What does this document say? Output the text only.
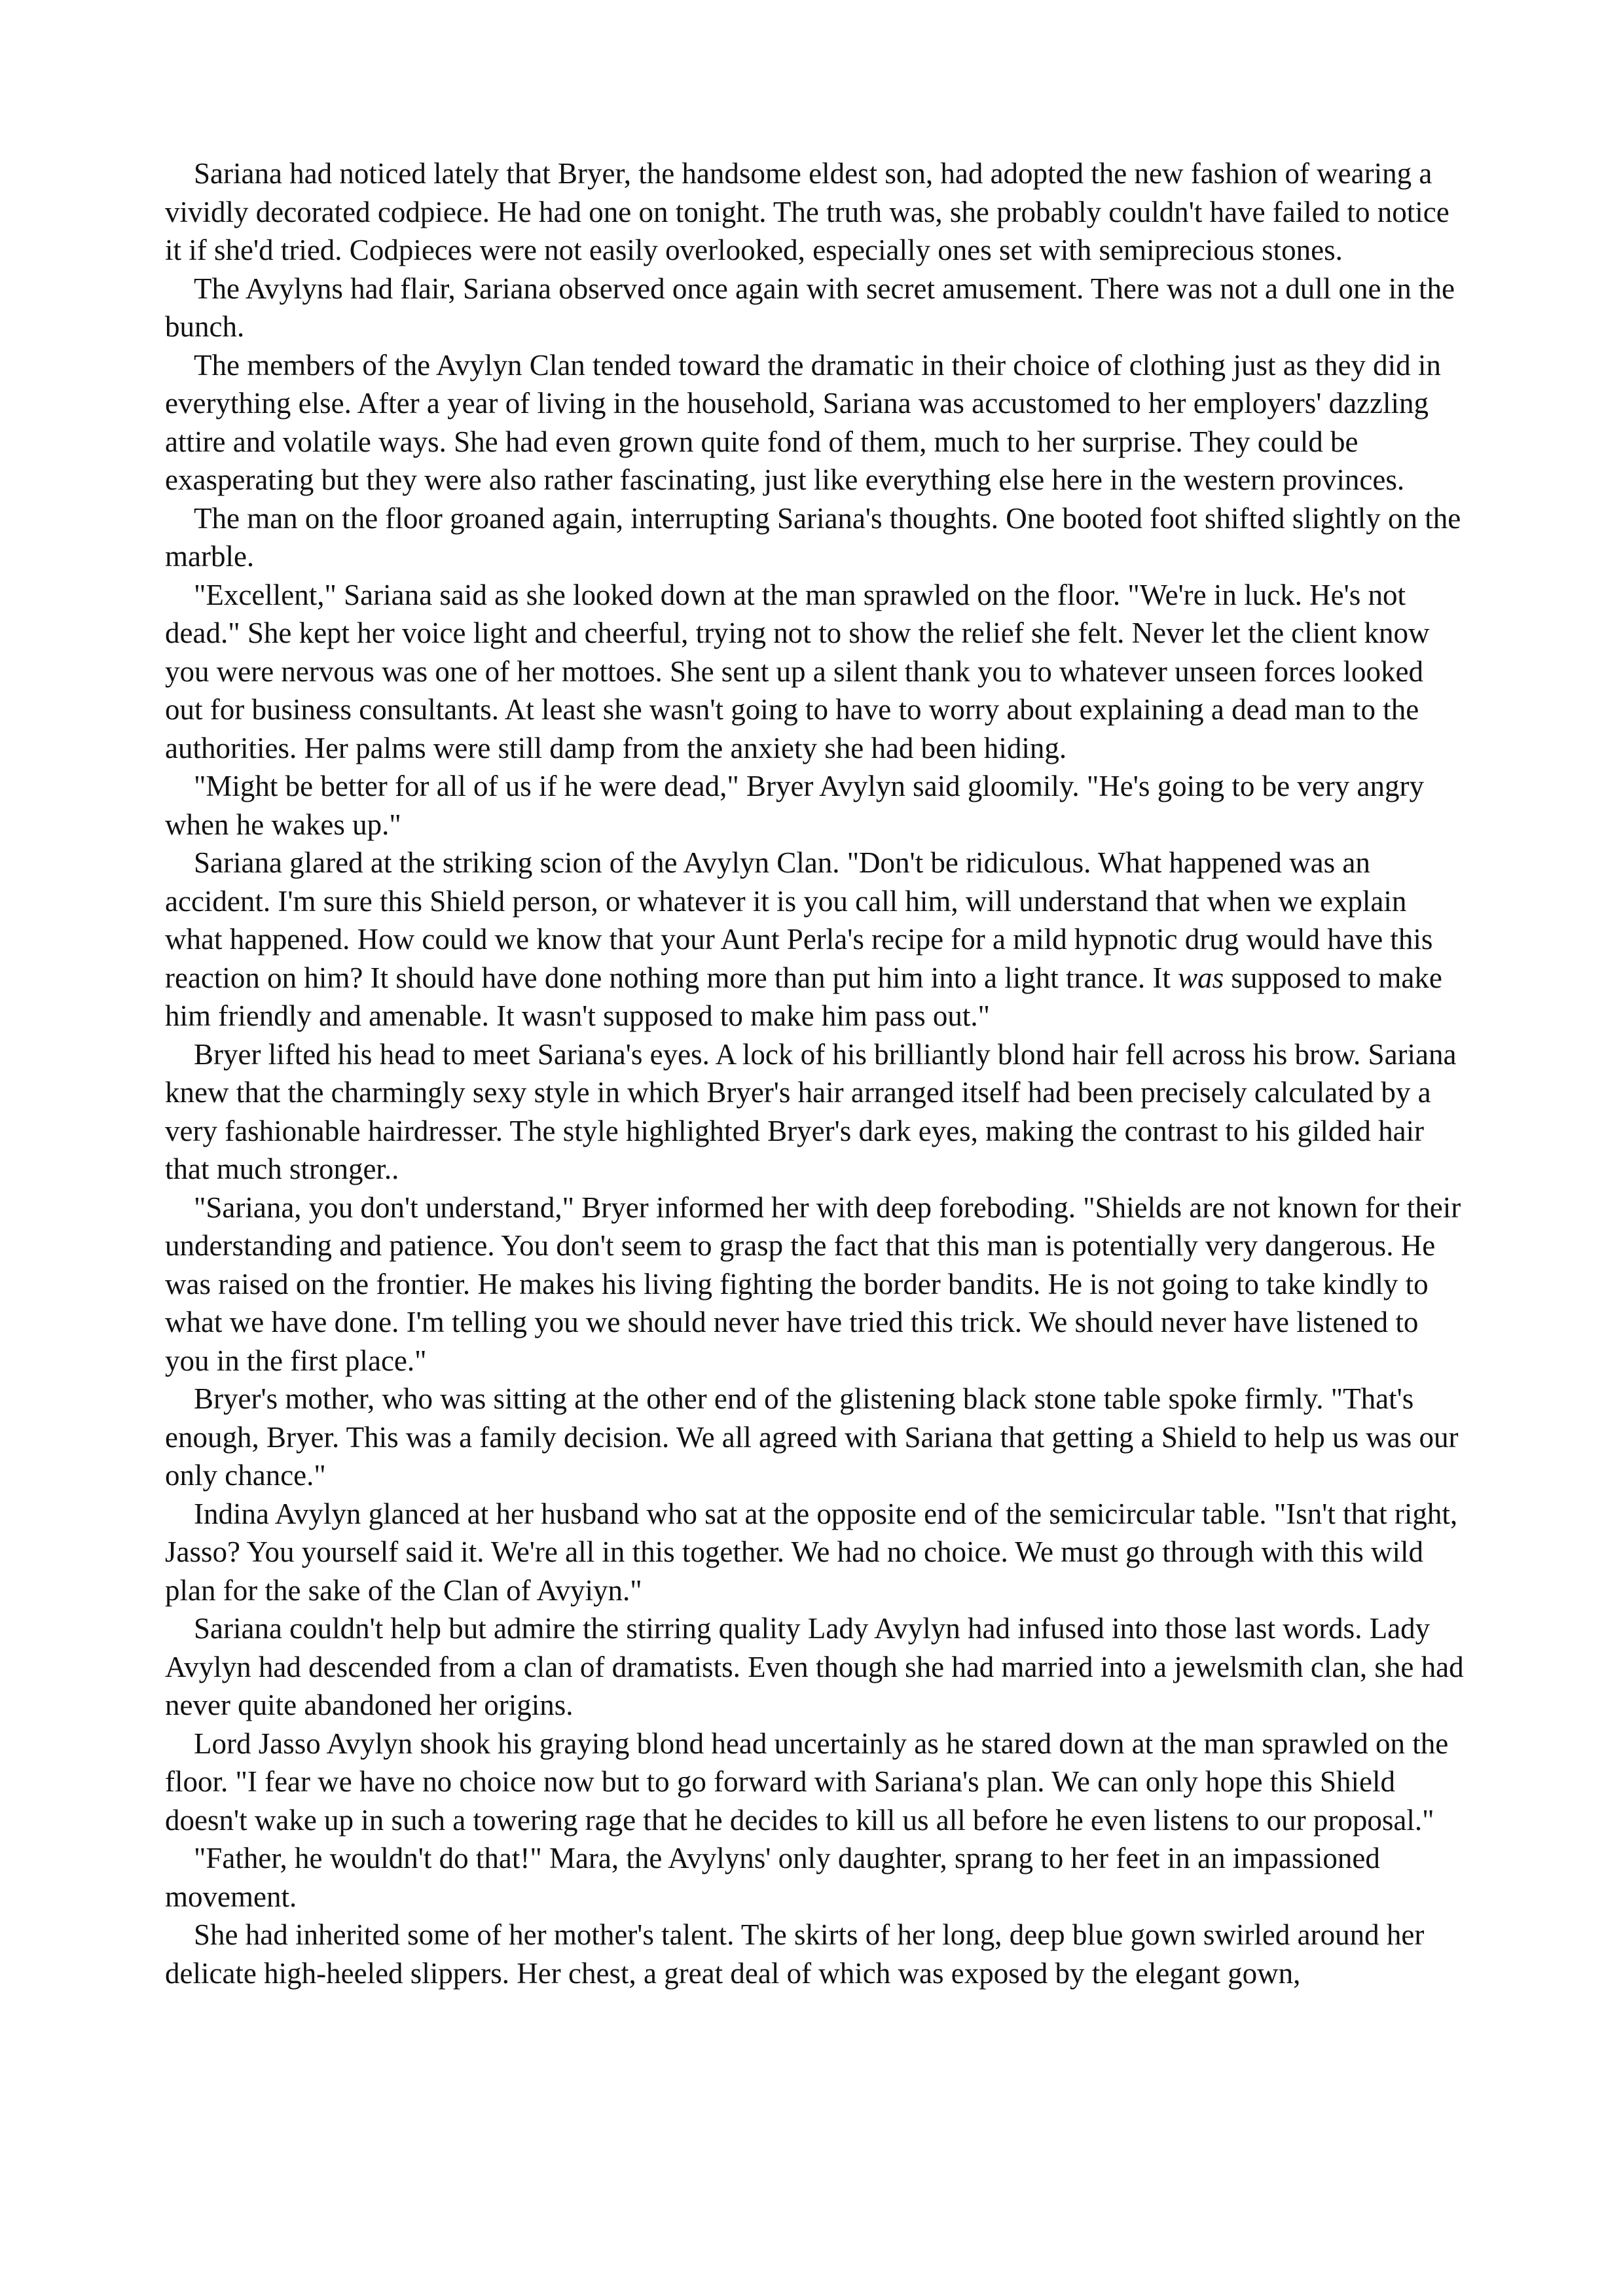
Sariana had noticed lately that Bryer, the handsome eldest son, had adopted the new fashion of wearing a vividly decorated codpiece. He had one on tonight. The truth was, she probably couldn't have failed to notice it if she'd tried. Codpieces were not easily overlooked, especially ones set with semiprecious stones.

The Avylyns had flair, Sariana observed once again with secret amusement. There was not a dull one in the bunch.

The members of the Avylyn Clan tended toward the dramatic in their choice of clothing just as they did in everything else. After a year of living in the household, Sariana was accustomed to her employers' dazzling attire and volatile ways. She had even grown quite fond of them, much to her surprise. They could be exasperating but they were also rather fascinating, just like everything else here in the western provinces.

The man on the floor groaned again, interrupting Sariana's thoughts. One booted foot shifted slightly on the marble.

"Excellent," Sariana said as she looked down at the man sprawled on the floor. "We're in luck. He's not dead." She kept her voice light and cheerful, trying not to show the relief she felt. Never let the client know you were nervous was one of her mottoes. She sent up a silent thank you to whatever unseen forces looked out for business consultants. At least she wasn't going to have to worry about explaining a dead man to the authorities. Her palms were still damp from the anxiety she had been hiding.

"Might be better for all of us if he were dead," Bryer Avylyn said gloomily. "He's going to be very angry when he wakes up."

Sariana glared at the striking scion of the Avylyn Clan. "Don't be ridiculous. What happened was an accident. I'm sure this Shield person, or whatever it is you call him, will understand that when we explain what happened. How could we know that your Aunt Perla's recipe for a mild hypnotic drug would have this reaction on him? It should have done nothing more than put him into a light trance. It was supposed to make him friendly and amenable. It wasn't supposed to make him pass out."

Bryer lifted his head to meet Sariana's eyes. A lock of his brilliantly blond hair fell across his brow. Sariana knew that the charmingly sexy style in which Bryer's hair arranged itself had been precisely calculated by a very fashionable hairdresser. The style highlighted Bryer's dark eyes, making the contrast to his gilded hair that much stronger..

"Sariana, you don't understand," Bryer informed her with deep foreboding. "Shields are not known for their understanding and patience. You don't seem to grasp the fact that this man is potentially very dangerous. He was raised on the frontier. He makes his living fighting the border bandits. He is not going to take kindly to what we have done. I'm telling you we should never have tried this trick. We should never have listened to you in the first place."

Bryer's mother, who was sitting at the other end of the glistening black stone table spoke firmly. "That's enough, Bryer. This was a family decision. We all agreed with Sariana that getting a Shield to help us was our only chance."

Indina Avylyn glanced at her husband who sat at the opposite end of the semicircular table. "Isn't that right, Jasso? You yourself said it. We're all in this together. We had no choice. We must go through with this wild plan for the sake of the Clan of Avyiyn."

Sariana couldn't help but admire the stirring quality Lady Avylyn had infused into those last words. Lady Avylyn had descended from a clan of dramatists. Even though she had married into a jewelsmith clan, she had never quite abandoned her origins.

Lord Jasso Avylyn shook his graying blond head uncertainly as he stared down at the man sprawled on the floor. "I fear we have no choice now but to go forward with Sariana's plan. We can only hope this Shield doesn't wake up in such a towering rage that he decides to kill us all before he even listens to our proposal."

"Father, he wouldn't do that!" Mara, the Avylyns' only daughter, sprang to her feet in an impassioned movement.

She had inherited some of her mother's talent. The skirts of her long, deep blue gown swirled around her delicate high-heeled slippers. Her chest, a great deal of which was exposed by the elegant gown,
